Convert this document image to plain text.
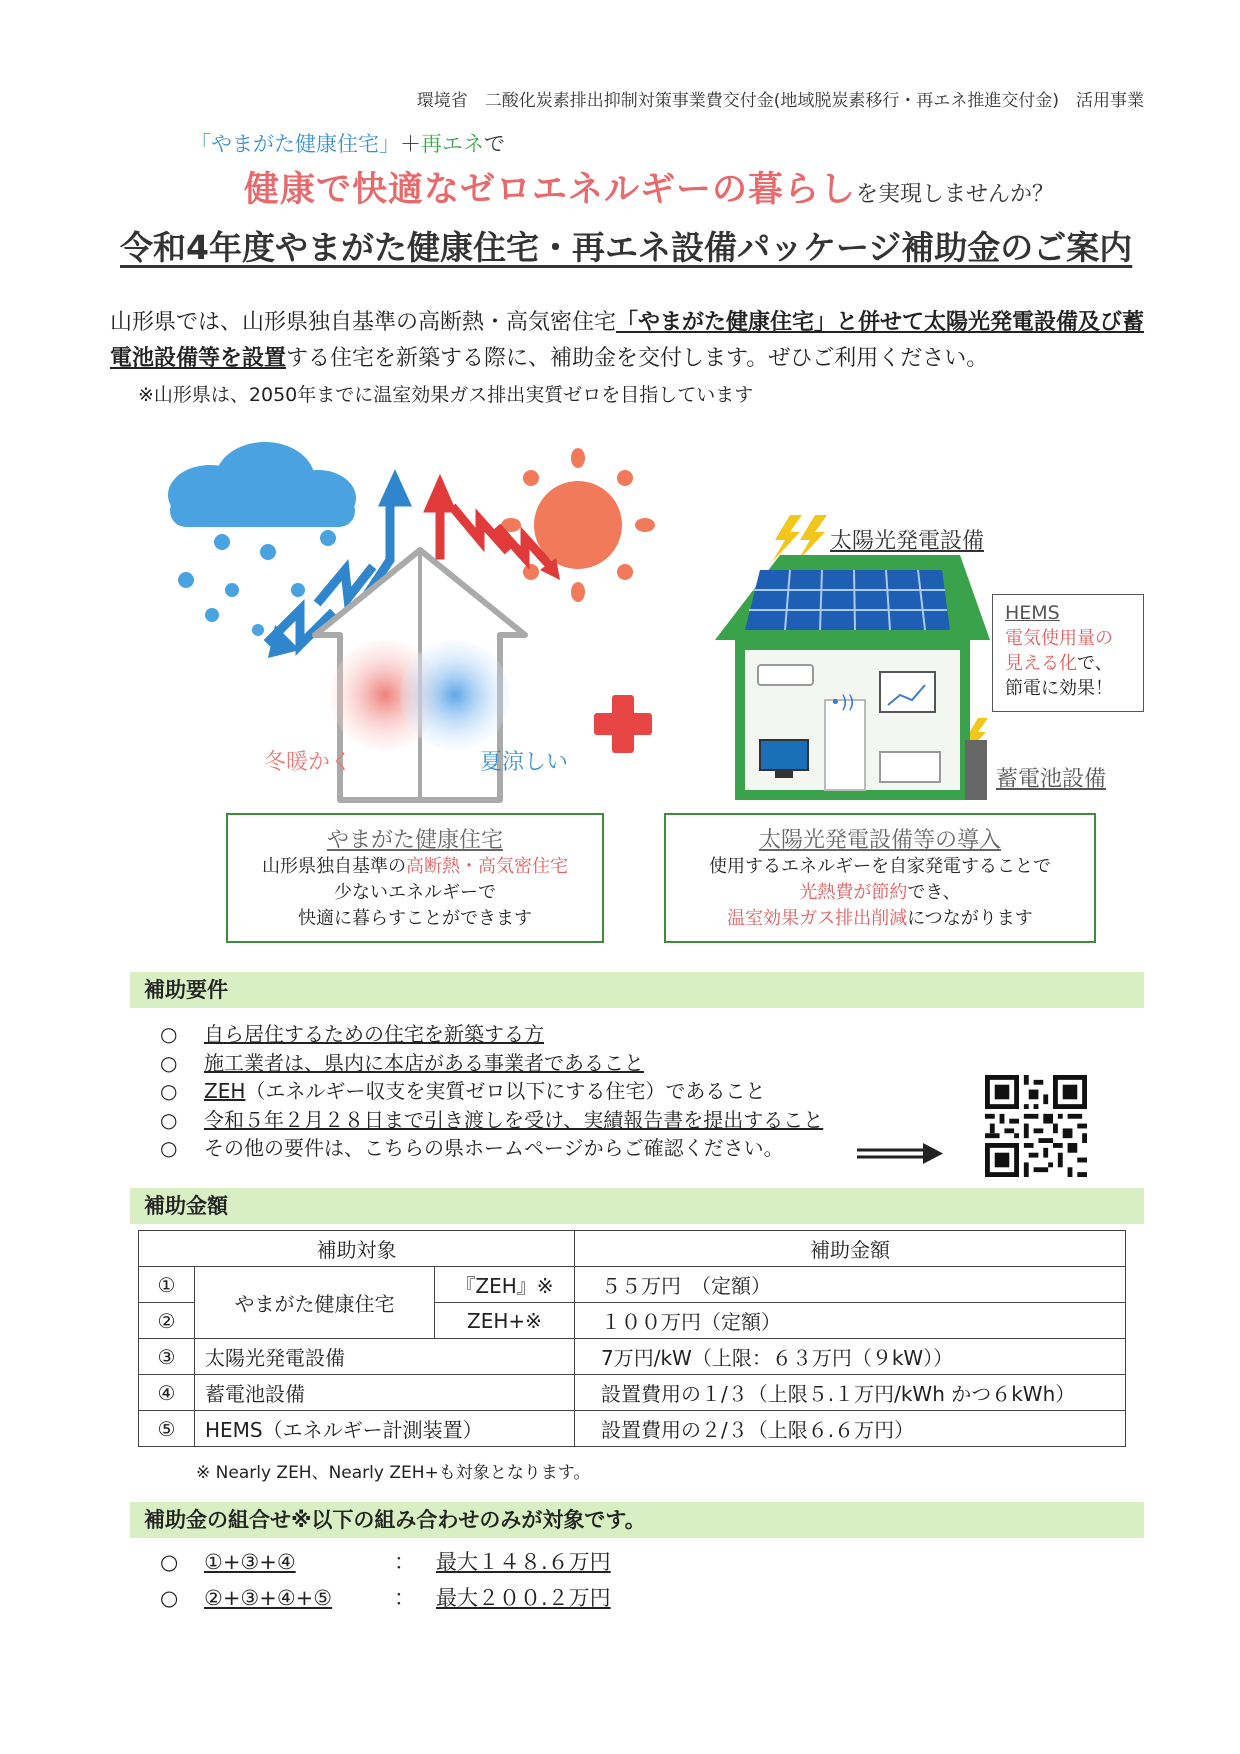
環境省　二酸化炭素排出抑制対策事業費交付金(地域脱炭素移行・再エネ推進交付金)　活用事業
「やまがた健康住宅」＋再エネで
健康で快適なゼロエネルギーの暮らしを実現しませんか？
令和4年度やまがた健康住宅・再エネ設備パッケージ補助金のご案内
山形県では、山形県独自基準の高断熱・高気密住宅「やまがた健康住宅」と併せて太陽光発電設備及び蓄電池設備等を設置する住宅を新築する際に、補助金を交付します。ぜひご利用ください。
※山形県は、2050年までに温室効果ガス排出実質ゼロを目指しています
•))
冬暖かく	夏涼しい
太陽光発電設備
蓄電池設備
HEMS
電気使用量の
見える化で、
節電に効果！
やまがた健康住宅
山形県独自基準の高断熱・高気密住宅
少ないエネルギーで
快適に暮らすことができます
太陽光発電設備等の導入
使用するエネルギーを自家発電することで
光熱費が節約でき、
温室効果ガス排出削減につながります
補助要件
○ 自ら居住するための住宅を新築する方
○ 施工業者は、県内に本店がある事業者であること
○ ZEH（エネルギー収支を実質ゼロ以下にする住宅）であること
○ 令和５年２月２８日まで引き渡しを受け、実績報告書を提出すること
○ その他の要件は、こちらの県ホームページからご確認ください。
補助金額
補助対象			補助金額
①	やまがた健康住宅	『ZEH』※	５５万円　（定額）
②		ZEH+※	１００万円（定額）
③	太陽光発電設備		7万円/kW（上限：６３万円（９kW））
④	蓄電池設備		設置費用の１/３（上限５.１万円/kWh かつ６kWh）
⑤	HEMS（エネルギー計測装置）		設置費用の２/３（上限６.６万円）
※ Nearly ZEH、Nearly ZEH+も対象となります。
補助金の組合せ※以下の組み合わせのみが対象です。
○ ①+③+④	： 最大１４８.６万円
○ ②+③+④+⑤	： 最大２００.２万円
